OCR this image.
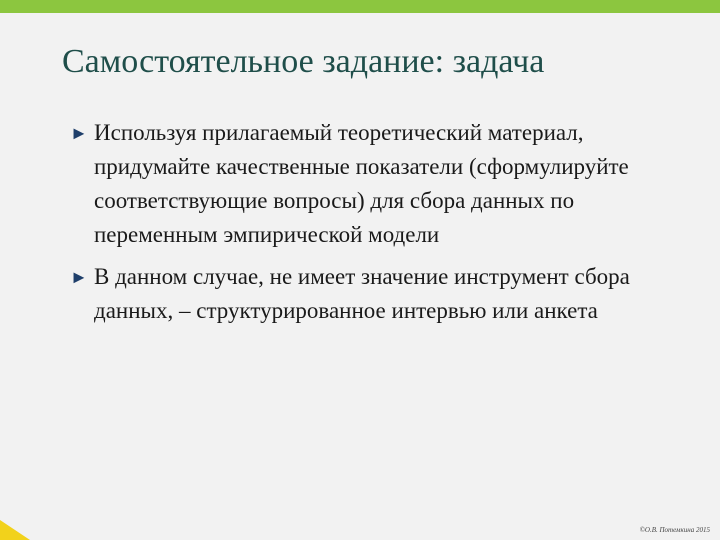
Самостоятельное задание: задача
► Используя прилагаемый теоретический материал, придумайте качественные показатели (сформулируйте соответствующие вопросы) для сбора данных по переменным эмпирической модели
► В данном случае, не имеет значение инструмент сбора данных, – структурированное интервью или анкета
©О.В. Потемкина 2015
